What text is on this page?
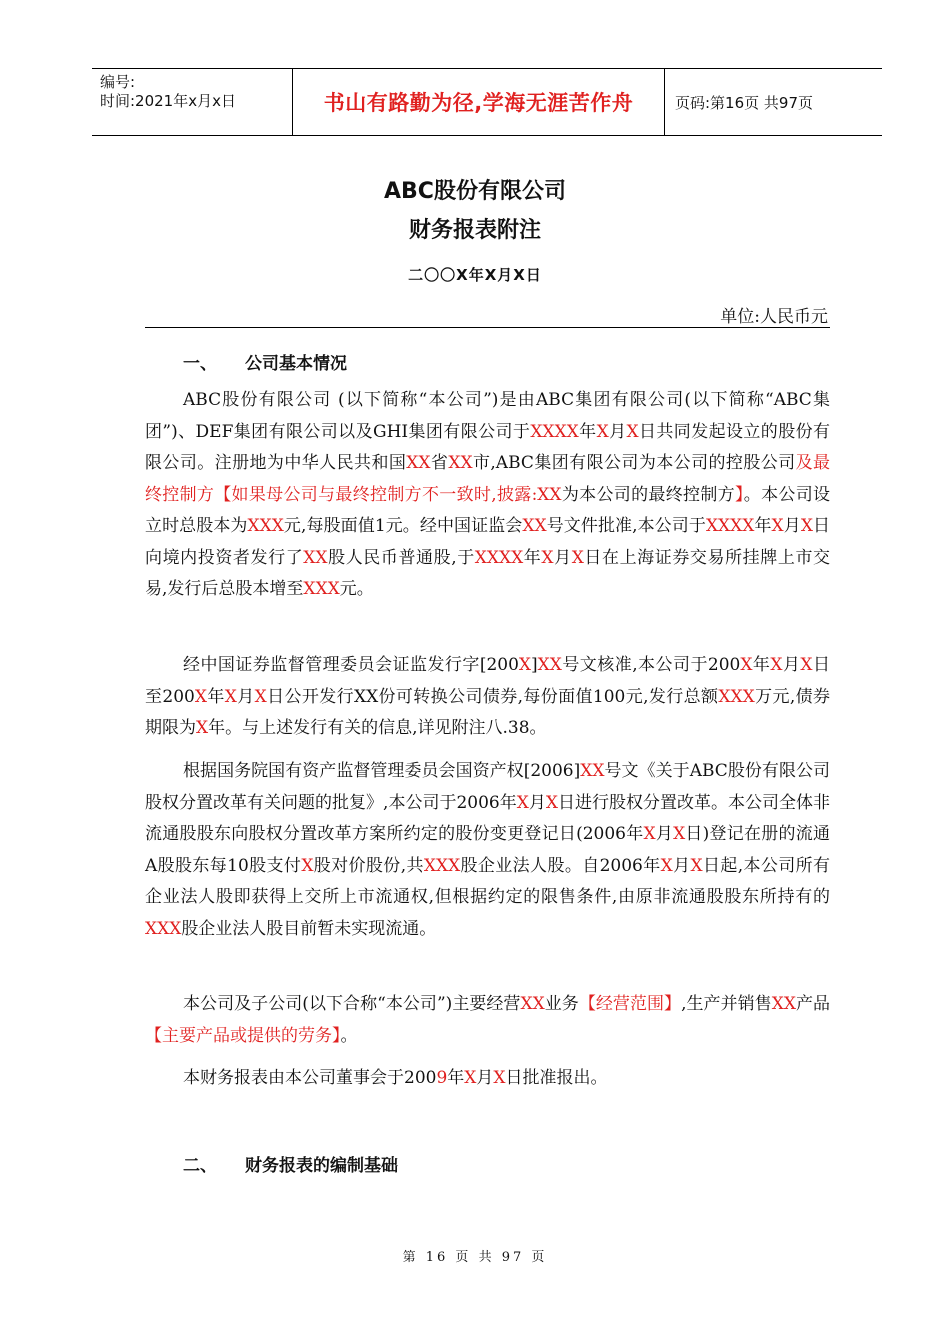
编号:
时间:2021年x月x日	书山有路勤为径,学海无涯苦作舟	页码:第16页 共97页
ABC股份有限公司
财务报表附注
二〇〇X年X月X日
单位:人民币元
一、	公司基本情况

ABC股份有限公司 (以下简称“本公司”)是由ABC集团有限公司(以下简称“ABC集团”)、DEF集团有限公司以及GHI集团有限公司于XXXX年X月X日共同发起设立的股份有限公司。注册地为中华人民共和国XX省XX市,ABC集团有限公司为本公司的控股公司及最终控制方【如果母公司与最终控制方不一致时,披露:XX为本公司的最终控制方】。本公司设立时总股本为XXX元,每股面值1元。经中国证监会XX号文件批准,本公司于XXXX年X月X日向境内投资者发行了XX股人民币普通股,于XXXX年X月X日在上海证券交易所挂牌上市交易,发行后总股本增至XXX元。

经中国证券监督管理委员会证监发行字[200X]XX号文核准,本公司于200X年X月X日至200X年X月X日公开发行XX份可转换公司债券,每份面值100元,发行总额XXX万元,债券期限为X年。与上述发行有关的信息,详见附注八.38。

根据国务院国有资产监督管理委员会国资产权[2006]XX号文《关于ABC股份有限公司股权分置改革有关问题的批复》,本公司于2006年X月X日进行股权分置改革。本公司全体非流通股股东向股权分置改革方案所约定的股份变更登记日(2006年X月X日)登记在册的流通A股股东每10股支付X股对价股份,共XXX股企业法人股。自2006年X月X日起,本公司所有企业法人股即获得上交所上市流通权,但根据约定的限售条件,由原非流通股股东所持有的XXX股企业法人股目前暂未实现流通。

本公司及子公司(以下合称“本公司”)主要经营XX业务【经营范围】,生产并销售XX产品【主要产品或提供的劳务】。

本财务报表由本公司董事会于2009年X月X日批准报出。

二、	财务报表的编制基础
第 16 页 共 97 页
